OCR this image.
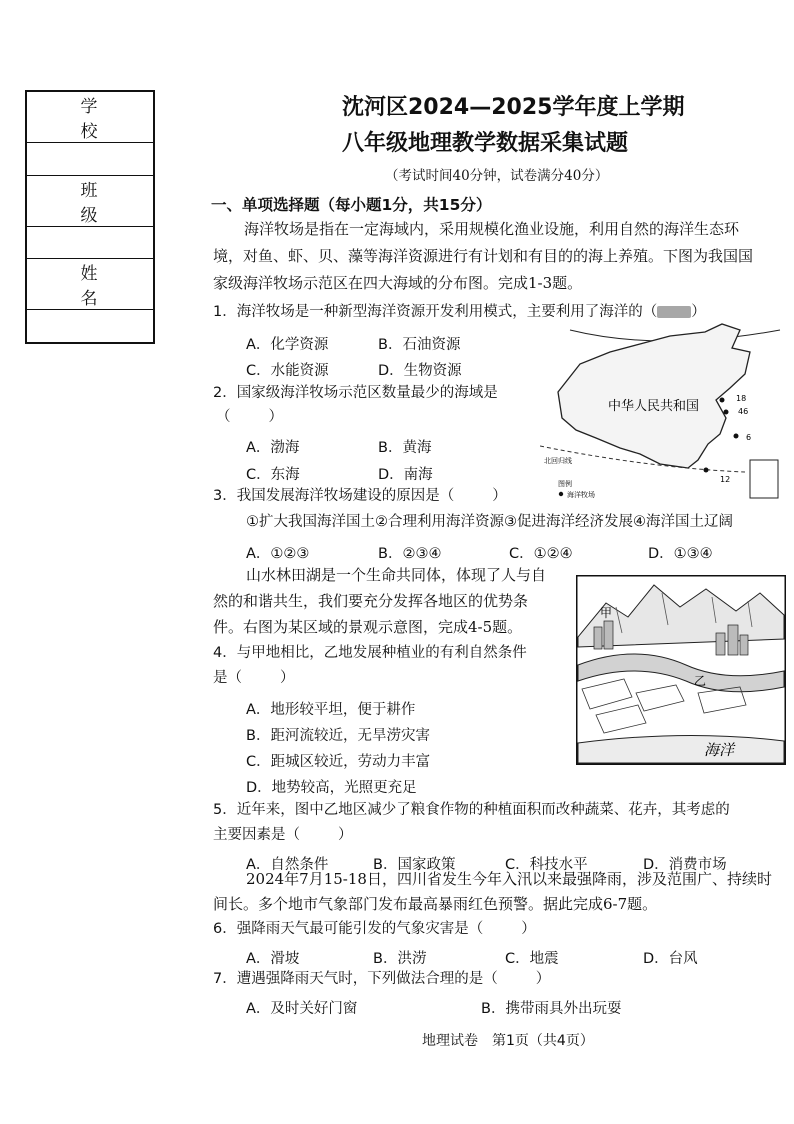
学 校

班 级

姓 名

沈河区2024—2025学年度上学期
八年级地理教学数据采集试题
（考试时间40分钟，试卷满分40分）
一、单项选择题（每小题1分，共15分）
海洋牧场是指在一定海域内，采用规模化渔业设施，利用自然的海洋生态环
境，对鱼、虾、贝、藻等海洋资源进行有计划和有目的的海上养殖。下图为我国国
家级海洋牧场示范区在四大海域的分布图。完成1-3题。
1．海洋牧场是一种新型海洋资源开发利用模式，主要利用了海洋的（ ）
A．化学资源	B．石油资源
C．水能资源	D．生物资源
2．国家级海洋牧场示范区数量最少的海域是
（	）
A．渤海	B．黄海
C．东海	D．南海
北回归线
中华人民共和国
18
46
6
12
图例
海洋牧场
3．我国发展海洋牧场建设的原因是（	）
①扩大我国海洋国土②合理利用海洋资源③促进海洋经济发展④海洋国土辽阔
A．①②③	B．②③④	C．①②④	D．①③④
山水林田湖是一个生命共同体，体现了人与自
然的和谐共生，我们要充分发挥各地区的优势条
件。右图为某区域的景观示意图，完成4-5题。
甲
乙
海洋
4．与甲地相比，乙地发展种植业的有利自然条件
是（	）
A．地形较平坦，便于耕作
B．距河流较近，无旱涝灾害
C．距城区较近，劳动力丰富
D．地势较高，光照更充足
5．近年来，图中乙地区减少了粮食作物的种植面积而改种蔬菜、花卉，其考虑的
主要因素是（	）
A．自然条件	B．国家政策	C．科技水平	D．消费市场
2024年7月15-18日，四川省发生今年入汛以来最强降雨，涉及范围广、持续时
间长。多个地市气象部门发布最高暴雨红色预警。据此完成6-7题。
6．强降雨天气最可能引发的气象灾害是（	）
A．滑坡	B．洪涝	C．地震	D．台风
7．遭遇强降雨天气时，下列做法合理的是（	）
A．及时关好门窗	B．携带雨具外出玩耍
地理试卷　第1页（共4页）
